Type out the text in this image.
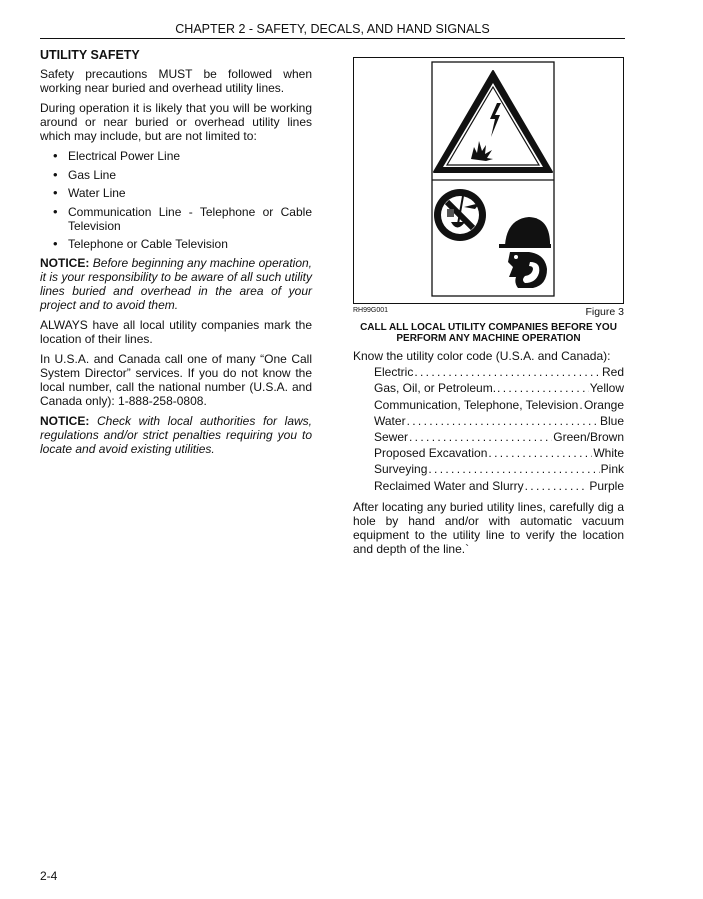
CHAPTER 2 - SAFETY, DECALS, AND HAND SIGNALS
UTILITY SAFETY

Safety precautions MUST be followed when working near buried and overhead utility lines.

During operation it is likely that you will be working around or near buried or overhead utility lines which may include, but are not limited to:

• Electrical Power Line
• Gas Line
• Water Line
• Communication Line - Telephone or Cable Television
• Telephone or Cable Television

NOTICE: Before beginning any machine operation, it is your responsibility to be aware of all such utility lines buried and overhead in the area of your project and to avoid them.

ALWAYS have all local utility companies mark the location of their lines.

In U.S.A. and Canada call one of many “One Call System Director” services. If you do not know the local number, call the national number (U.S.A. and Canada only): 1-888-258-0808.

NOTICE: Check with local authorities for laws, regulations and/or strict penalties requiring you to locate and avoid existing utilities.

RH99G001	Figure 3
CALL ALL LOCAL UTILITY COMPANIES BEFORE YOU
PERFORM ANY MACHINE OPERATION

Know the utility color code (U.S.A. and Canada):

Electric . . .	Red
Gas, Oil, or Petroleum. . . .	Yellow
Communication, Telephone, Television . . . Orange
Water . . .	Blue
Sewer . . .	Green/Brown
Proposed Excavation . . .	White
Surveying . . .	Pink
Reclaimed Water and Slurry . . .	Purple

After locating any buried utility lines, carefully dig a hole by hand and/or with automatic vacuum equipment to the utility line to verify the location and depth of the line.`

2-4
